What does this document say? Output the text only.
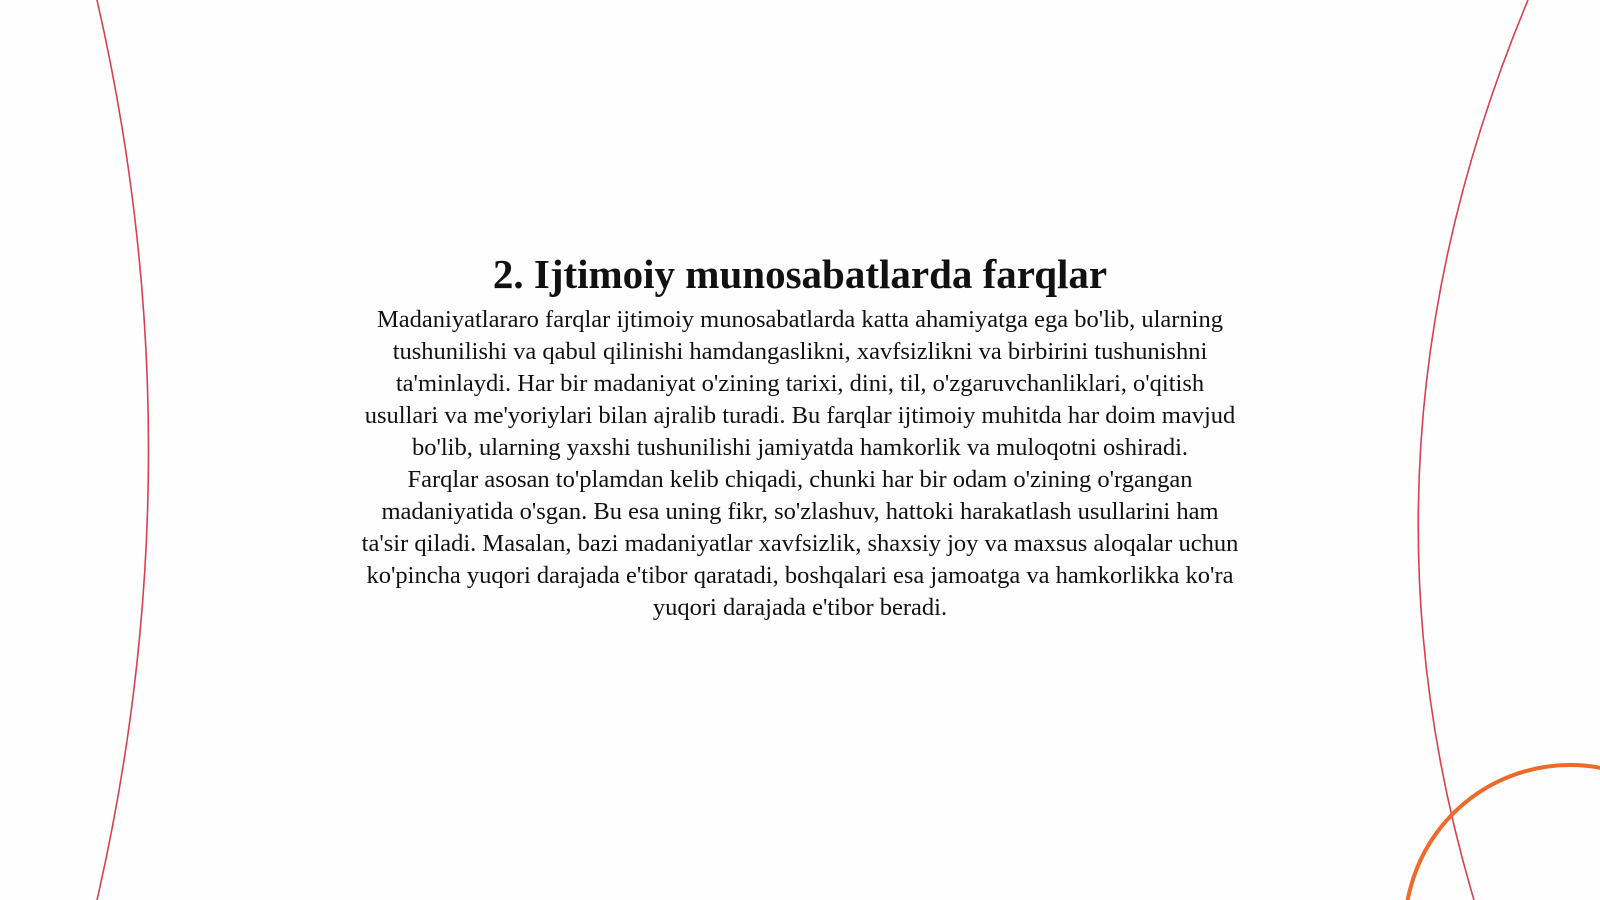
2. Ijtimoiy munosabatlarda farqlar

Madaniyatlararo farqlar ijtimoiy munosabatlarda katta ahamiyatga ega bo'lib, ularning tushunilishi va qabul qilinishi hamdangaslikni, xavfsizlikni va birbirini tushunishni ta'minlaydi. Har bir madaniyat o'zining tarixi, dini, til, o'zgaruvchanliklari, o'qitish usullari va me'yoriylari bilan ajralib turadi. Bu farqlar ijtimoiy muhitda har doim mavjud bo'lib, ularning yaxshi tushunilishi jamiyatda hamkorlik va muloqotni oshiradi.

Farqlar asosan to'plamdan kelib chiqadi, chunki har bir odam o'zining o'rgangan madaniyatida o'sgan. Bu esa uning fikr, so'zlashuv, hattoki harakatlash usullarini ham ta'sir qiladi. Masalan, bazi madaniyatlar xavfsizlik, shaxsiy joy va maxsus aloqalar uchun ko'pincha yuqori darajada e'tibor qaratadi, boshqalari esa jamoatga va hamkorlikka ko'ra yuqori darajada e'tibor beradi.
